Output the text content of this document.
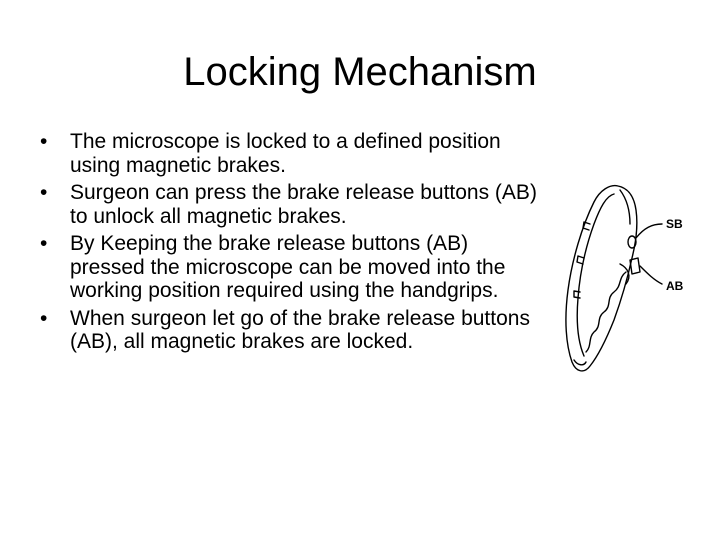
Locking Mechanism
• The microscope is locked to a defined position using magnetic brakes.
• Surgeon can press the brake release buttons (AB) to unlock all magnetic brakes.
• By Keeping the brake release buttons (AB) pressed the microscope can be moved into the working position required using the handgrips.
• When surgeon let go of the brake release buttons (AB), all magnetic brakes are locked.
SB
AB
